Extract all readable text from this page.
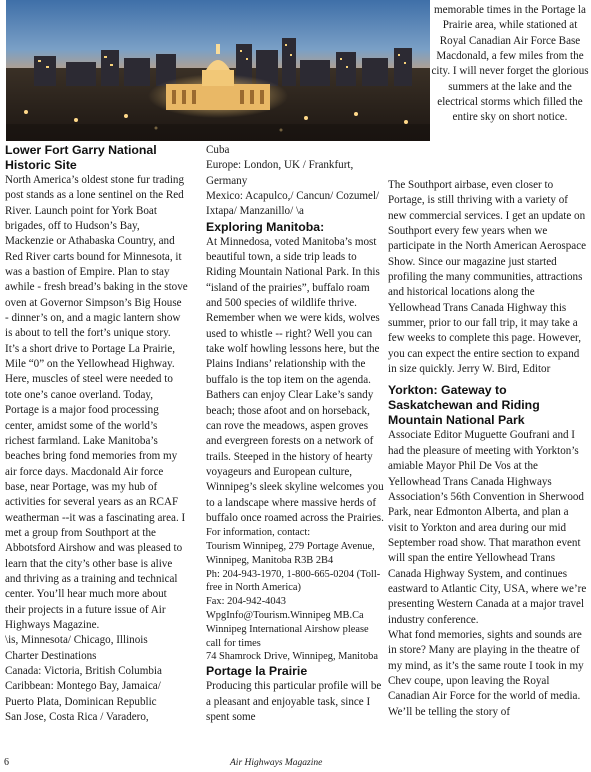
Lower Fort Garry National Historic Site

North America’s oldest stone fur trading post stands as a lone sentinel on the Red River. Launch point for York Boat brigades, off to Hudson’s Bay, Mackenzie or Athabaska Country, and Red River carts bound for Minnesota, it was a bastion of Empire. Plan to stay awhile - fresh bread’s baking in the stove oven at Governor Simpson’s Big House - dinner’s on, and a magic lantern show is about to tell the fort’s unique story.

It’s a short drive to Portage La Prairie, Mile “0” on the Yellowhead Highway. Here, muscles of steel were needed to tote one’s canoe overland. Today, Portage is a major food processing center, amidst some of the world’s richest farmland. Lake Manitoba’s beaches bring fond memories from my air force days. Macdonald Air force base, near Portage, was my hub of activities for several years as an RCAF weatherman --it was a fascinating area. I met a group from Southport at the Abbotsford Airshow and was pleased to learn that the city’s other base is alive and thriving as a training and technical center. You’ll hear much more about their projects in a future issue of Air Highways Magazine.

\is, Minnesota/ Chicago, Illinois

Charter Destinations

Canada: Victoria, British Columbia

Caribbean: Montego Bay, Jamaica/ Puerto Plata, Dominican Republic

San Jose, Costa Rica / Varadero,

Cuba

Europe: London, UK / Frankfurt, Germany

Mexico: Acapulco,/ Cancun/ Cozumel/ Ixtapa/ Manzanillo/ \a

Exploring Manitoba:

At Minnedosa, voted Manitoba’s most beautiful town, a side trip leads to Riding Mountain National Park. In this “island of the prairies”, buffalo roam and 500 species of wildlife thrive. Remember when we were kids, wolves used to whistle -- right? Well you can take wolf howling lessons here, but the Plains Indians’ relationship with the buffalo is the top item on the agenda. Bathers can enjoy Clear Lake’s sandy beach; those afoot and on horseback, can rove the meadows, aspen groves and evergreen forests on a network of trails. Steeped in the history of hearty voyageurs and European culture, Winnipeg’s sleek skyline welcomes you to a landscape where massive herds of buffalo once roamed across the Prairies.

For information, contact:

Tourism Winnipeg, 279 Portage Avenue, Winnipeg, Manitoba R3B 2B4

Ph: 204-943-1970, 1-800-665-0204 (Toll-free in North America)

Fax: 204-942-4043

WpgInfo@Tourism.Winnipeg MB.Ca

Winnipeg International Airshow please call for times

74 Shamrock Drive, Winnipeg, Manitoba

Portage la Prairie

Producing this particular profile will be a pleasant and enjoyable task, since I spent some

memorable times in the Portage la Prairie area, while stationed at Royal Canadian Air Force Base Macdonald, a few miles from the city. I will never forget the glorious summers at the lake and the electrical storms which filled the entire sky on short notice.

The Southport airbase, even closer to Portage, is still thriving with a variety of new commercial services. I get an update on Southport every few years when we participate in the North American Aerospace Show. Since our magazine just started profiling the many communities, attractions and historical locations along the Yellowhead Trans Canada Highway this summer, prior to our fall trip, it may take a few weeks to complete this page. However, you can expect the entire section to expand in size quickly. Jerry W. Bird, Editor

Yorkton: Gateway to Saskatchewan and Riding Mountain National Park

Associate Editor Muguette Goufrani and I had the pleasure of meeting with Yorkton’s amiable Mayor Phil De Vos at the Yellowhead Trans Canada Highways Association’s 56th Convention in Sherwood Park, near Edmonton Alberta, and plan a visit to Yorkton and area during our mid September road show. That marathon event will span the entire Yellowhead Trans Canada Highway System, and continues eastward to Atlantic City, USA, where we’re presenting Western Canada at a major travel industry conference.

What fond memories, sights and sounds are in store? Many are playing in the theatre of my mind, as it’s the same route I took in my Chev coupe, upon leaving the Royal Canadian Air Force for the world of media. We’ll be telling the story of

6	Air Highways Magazine
